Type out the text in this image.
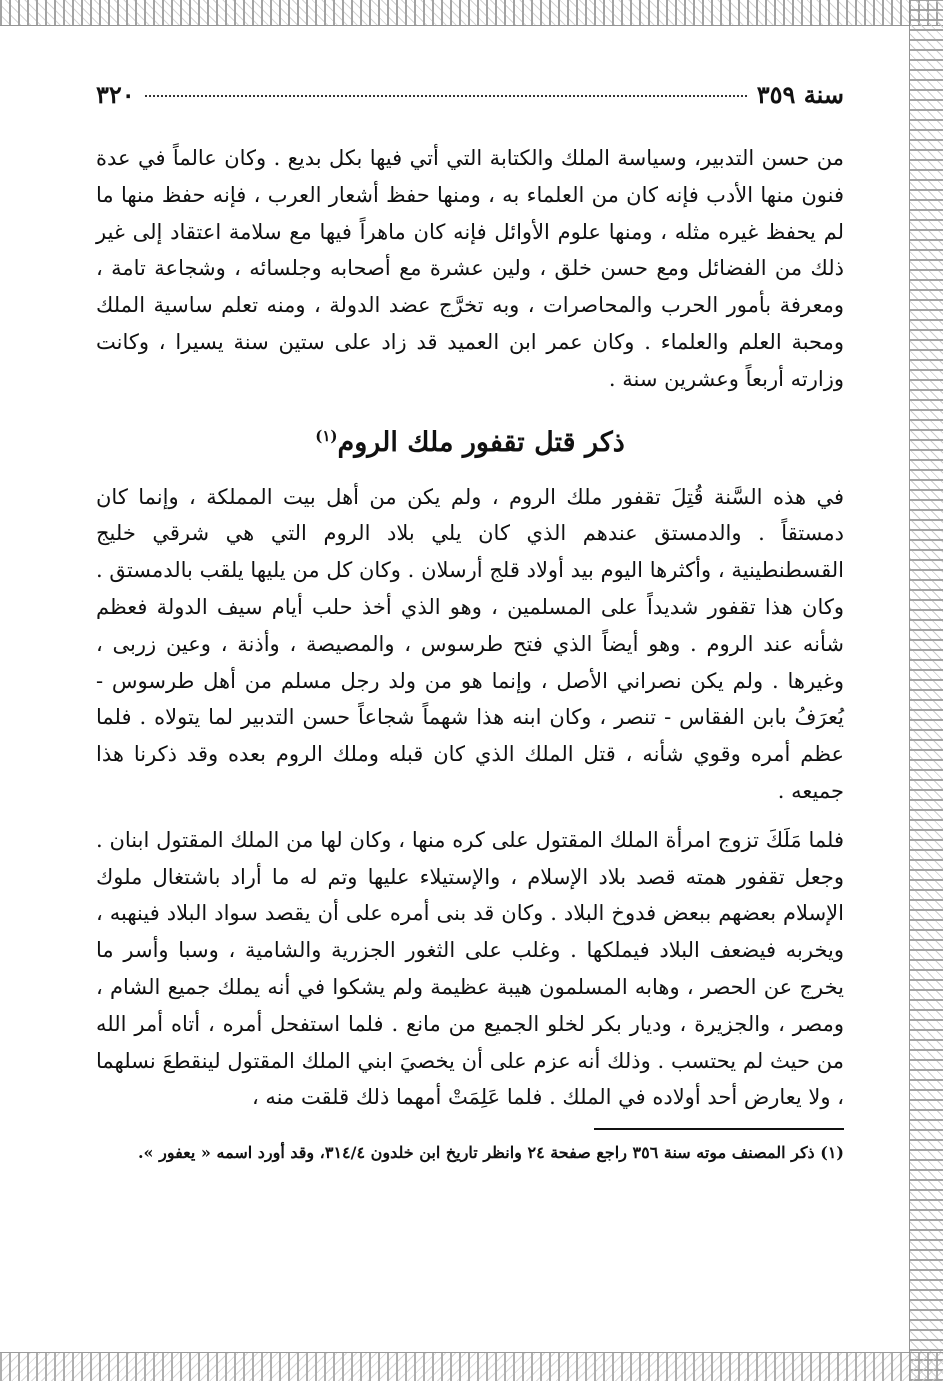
سنة ٣٥٩
٣٢٠

من حسن التدبير، وسياسة الملك والكتابة التي أتي فيها بكل بديع . وكان عالماً في عدة فنون منها الأدب فإنه كان من العلماء به ، ومنها حفظ أشعار العرب ، فإنه حفظ منها ما لم يحفظ غيره مثله ، ومنها علوم الأوائل فإنه كان ماهراً فيها مع سلامة اعتقاد إلى غير ذلك من الفضائل ومع حسن خلق ، ولين عشرة مع أصحابه وجلسائه ، وشجاعة تامة ، ومعرفة بأمور الحرب والمحاصرات ، وبه تخرَّج عضد الدولة ، ومنه تعلم ساسية الملك ومحبة العلم والعلماء . وكان عمر ابن العميد قد زاد على ستين سنة يسيرا ، وكانت وزارته أربعاً وعشرين سنة .

ذكر قتل تقفور ملك الروم$^{(١)}$

في هذه السَّنة قُتِلَ تقفور ملك الروم ، ولم يكن من أهل بيت المملكة ، وإنما كان دمستقاً . والدمستق عندهم الذي كان يلي بلاد الروم التي هي شرقي خليج القسطنطينية ، وأكثرها اليوم بيد أولاد قلج أرسلان . وكان كل من يليها يلقب بالدمستق . وكان هذا تقفور شديداً على المسلمين ، وهو الذي أخذ حلب أيام سيف الدولة فعظم شأنه عند الروم . وهو أيضاً الذي فتح طرسوس ، والمصيصة ، وأذنة ، وعين زربى ، وغيرها . ولم يكن نصراني الأصل ، وإنما هو من ولد رجل مسلم من أهل طرسوس - يُعرَفُ بابن الفقاس - تنصر ، وكان ابنه هذا شهماً شجاعاً حسن التدبير لما يتولاه . فلما عظم أمره وقوي شأنه ، قتل الملك الذي كان قبله وملك الروم بعده وقد ذكرنا هذا جميعه .

فلما مَلَكَ تزوج امرأة الملك المقتول على كره منها ، وكان لها من الملك المقتول ابنان . وجعل تقفور همته قصد بلاد الإسلام ، والإستيلاء عليها وتم له ما أراد باشتغال ملوك الإسلام بعضهم ببعض فدوخ البلاد . وكان قد بنى أمره على أن يقصد سواد البلاد فينهبه ، ويخربه فيضعف البلاد فيملكها . وغلب على الثغور الجزرية والشامية ، وسبا وأسر ما يخرج عن الحصر ، وهابه المسلمون هيبة عظيمة ولم يشكوا في أنه يملك جميع الشام ، ومصر ، والجزيرة ، وديار بكر لخلو الجميع من مانع . فلما استفحل أمره ، أتاه أمر الله من حيث لم يحتسب . وذلك أنه عزم على أن يخصيَ ابني الملك المقتول لينقطعَ نسلهما ، ولا يعارض أحد أولاده في الملك . فلما عَلِمَتْ أمهما ذلك قلقت منه ،

(١) ذكر المصنف موته سنة ٣٥٦ راجع صفحة ٢٤ وانظر تاريخ ابن خلدون ٣١٤/٤، وقد أورد اسمه « يعفور ».
